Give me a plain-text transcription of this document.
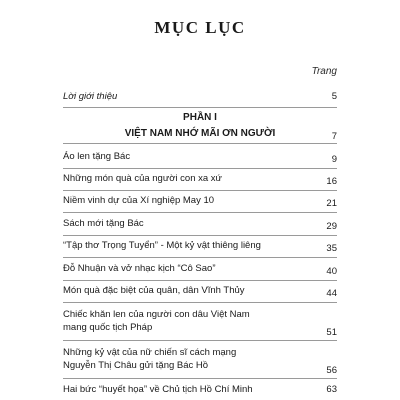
MỤC LỤC
Trang
Lời giới thiệu	5
PHẦN I
VIỆT NAM NHỚ MÃI ƠN NGƯỜI	7
Áo len tặng Bác	9
Những món quà của người con xa xứ	16
Niềm vinh dự của Xí nghiệp May 10	21
Sách mới tặng Bác	29
“Tập thơ Trọng Tuyển” - Một kỷ vật thiêng liêng	35
Đỗ Nhuận và vở nhạc kịch “Cô Sao”	40
Món quà đặc biệt của quân, dân Vĩnh Thủy	44
Chiếc khăn len của người con dâu Việt Nam
mang quốc tịch Pháp	51
Những kỷ vật của nữ chiến sĩ cách mạng
Nguyễn Thị Châu gửi tặng Bác Hồ	56
Hai bức “huyết họa” về Chủ tịch Hồ Chí Minh	63
